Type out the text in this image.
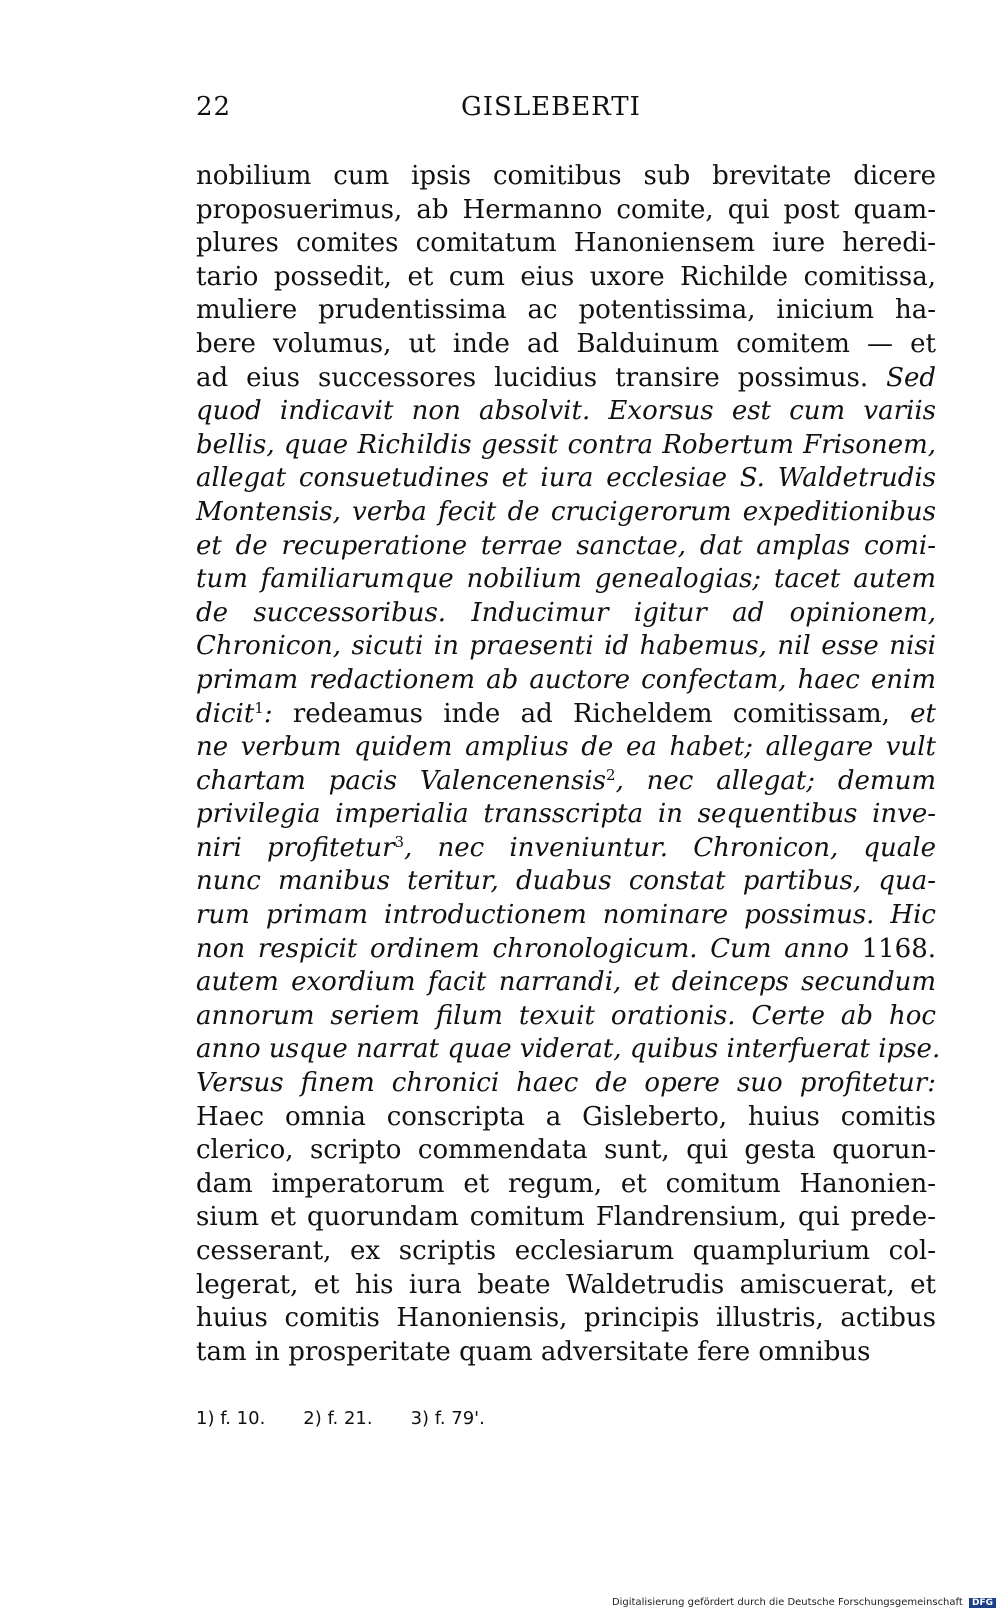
22	GISLEBERTI
nobilium cum ipsis comitibus sub brevitate dicere
proposuerimus, ab Hermanno comite, qui post quam-
plures comites comitatum Hanoniensem iure heredi-
tario possedit, et cum eius uxore Richilde comitissa,
muliere prudentissima ac potentissima, inicium ha-
bere volumus, ut inde ad Balduinum comitem — et
ad eius successores lucidius transire possimus. Sed
quod indicavit non absolvit. Exorsus est cum variis
bellis, quae Richildis gessit contra Robertum Frisonem,
allegat consuetudines et iura ecclesiae S. Waldetrudis
Montensis, verba fecit de crucigerorum expeditionibus
et de recuperatione terrae sanctae, dat amplas comi-
tum familiarumque nobilium genealogias; tacet autem
de successoribus. Inducimur igitur ad opinionem,
Chronicon, sicuti in praesenti id habemus, nil esse nisi
primam redactionem ab auctore confectam, haec enim
dicit$^1$: redeamus inde ad Richeldem comitissam, et
ne verbum quidem amplius de ea habet; allegare vult
chartam pacis Valencenensis$^2$, nec allegat; demum
privilegia imperialia transscripta in sequentibus inve-
niri profitetur$^3$, nec inveniuntur. Chronicon, quale
nunc manibus teritur, duabus constat partibus, qua-
rum primam introductionem nominare possimus. Hic
non respicit ordinem chronologicum. Cum anno 1168.
autem exordium facit narrandi, et deinceps secundum
annorum seriem filum texuit orationis. Certe ab hoc
anno usque narrat quae viderat, quibus interfuerat ipse.
Versus finem chronici haec de opere suo profitetur:
Haec omnia conscripta a Gisleberto, huius comitis
clerico, scripto commendata sunt, qui gesta quorun-
dam imperatorum et regum, et comitum Hanonien-
sium et quorundam comitum Flandrensium, qui prede-
cesserant, ex scriptis ecclesiarum quamplurium col-
legerat, et his iura beate Waldetrudis amiscuerat, et
huius comitis Hanoniensis, principis illustris, actibus
tam in prosperitate quam adversitate fere omnibus
1) f. 10. 2) f. 21. 3) f. 79'.
Digitalisierung gefördert durch die Deutsche Forschungsgemeinschaft DFG
